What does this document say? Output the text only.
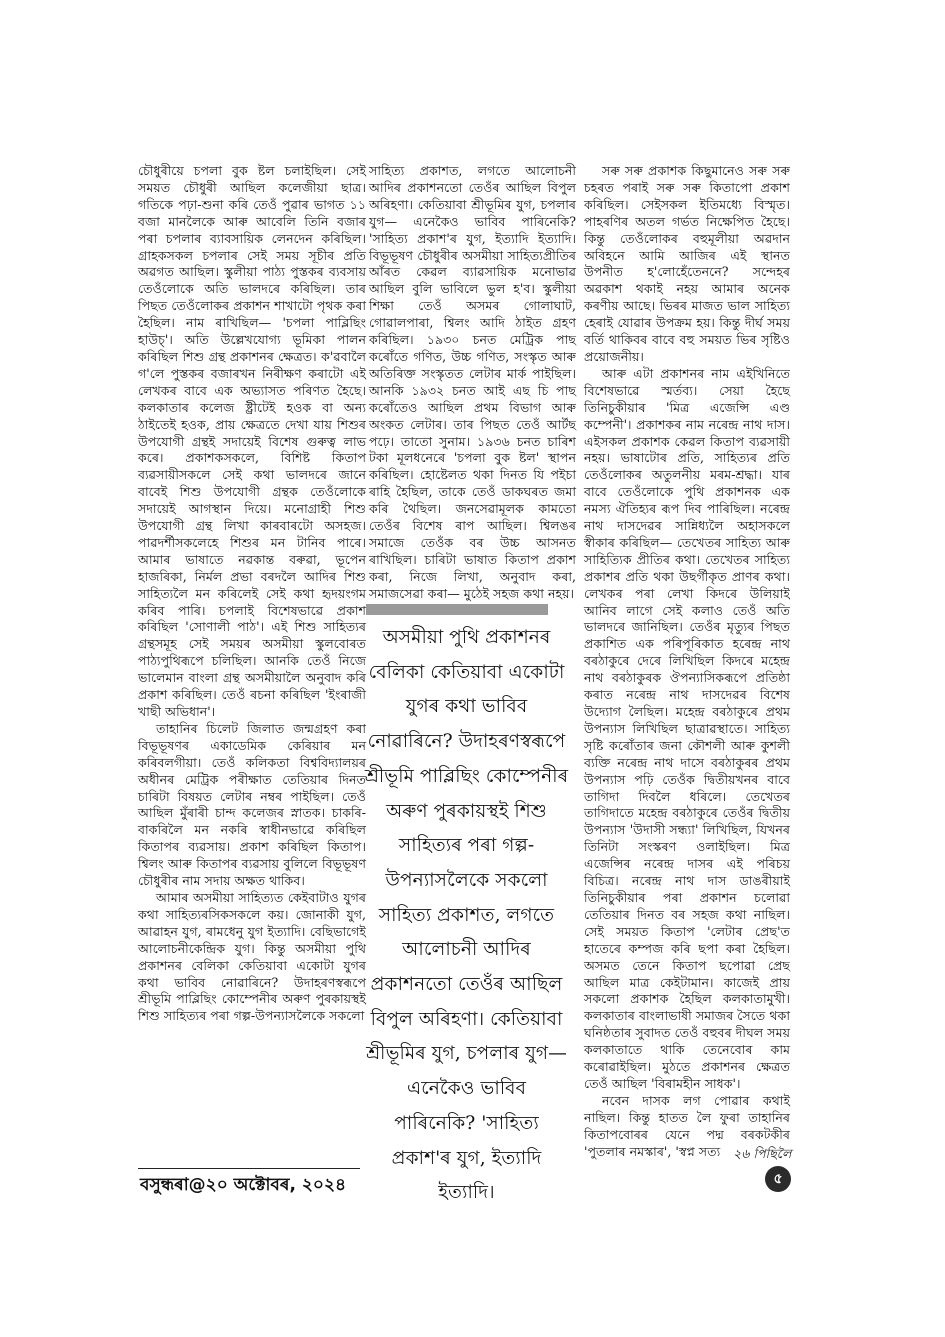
চৌধুৰীয়ে চপলা বুক ষ্টল চলাইছিল। সেই সময়ত চৌধুৰী আছিল কলেজীয়া ছাত্ৰ। গতিকে পঢ়া-শুনা কৰি তেওঁ পুৱাৰ ভাগত ১১ বজা মানলৈকে আৰু আবেলি তিনি বজাৰ পৰা চপলাৰ ব্যাবসায়িক লেনদেন কৰিছিল। গ্ৰাহকসকল চপলাৰ সেই সময় সূচীৰ প্ৰতি অৱগত আছিল। স্কুলীয়া পাঠ্য পুস্তকৰ ব্যবসায় তেওঁলোকে অতি ভালদৰে কৰিছিল। তাৰ পিছত তেওঁলোকৰ প্ৰকাশন শাখাটো পৃথক কৰা হৈছিল। নাম ৰাখিছিল— 'চপলা পাব্লিছিং হাউচ্'। অতি উল্লেখযোগ্য ভূমিকা পালন কৰিছিল শিশু গ্ৰন্থ প্ৰকাশনৰ ক্ষেত্ৰত। ক'ৱবালৈ গ'লে পুস্তকৰ বজাৰখন নিৰীক্ষণ কৰাটো এই লেখকৰ বাবে এক অভ্যাসত পৰিণত হৈছে। কলকাতাৰ কলেজ ষ্ট্ৰীটেই হওক বা অন্য ঠাইতেই হওক, প্ৰায় ক্ষেত্ৰতে দেখা যায় শিশুৰ উপযোগী গ্ৰন্থই সদায়েই বিশেষ গুৰুত্ব লাভ কৰে। প্ৰকাশকসকলে, বিশিষ্ট কিতাপ ব্যৱসায়ীসকলে সেই কথা ভালদৰে জানে বাবেই শিশু উপযোগী গ্ৰন্থক তেওঁলোকে সদায়েই আগস্থান দিয়ে। মনোগ্ৰাহী শিশু উপযোগী গ্ৰন্থ লিখা কাৰবাৰটো অসহজ। পাৱদৰ্শীসকলেহে শিশুৰ মন টানিব পাৰে। আমাৰ ভাষাতে নৱকান্ত বৰুৱা, ভূপেন হাজৰিকা, নিৰ্মল প্ৰভা বৰদলৈ আদিৰ শিশু সাহিত্যলৈ মন কৰিলেই সেই কথা হৃদয়ংগম কৰিব পাৰি। চপলাই বিশেষভাৱে প্ৰকাশ কৰিছিল 'সোণালী পাঠ'। এই শিশু সাহিত্যৰ গ্ৰন্থসমূহ সেই সময়ৰ অসমীয়া স্কুলবোৰত পাঠ্যপুথিৰূপে চলিছিল। আনকি তেওঁ নিজে ভালেমান বাংলা গ্ৰন্থ অসমীয়ালৈ অনুবাদ কৰি প্ৰকাশ কৰিছিল। তেওঁ ৰচনা কৰিছিল 'ইংৰাজী খাছী অভিধান'।

তাহানিৰ চিলেট জিলাত জন্মগ্ৰহণ কৰা বিভূভূষণৰ একাডেমিক কেৰিয়াৰ মন কৰিবলগীয়া। তেওঁ কলিকতা বিশ্ববিদ্যালয়ৰ অধীনৰ মেট্ৰিক পৰীক্ষাত তেতিয়াৰ দিনত চাৰিটা বিষয়ত লেটাৰ নম্বৰ পাইছিল। তেওঁ আছিল মুঁৰাৰী চান্দ কলেজৰ স্নাতক। চাকৰি-বাকৰিলৈ মন নকৰি স্বাধীনভাৱে কৰিছিল কিতাপৰ ব্যৱসায়। প্ৰকাশ কৰিছিল কিতাপ। শ্বিলং আৰু কিতাপৰ ব্যৱসায় বুলিলে বিভূভূষণ চৌধুৰীৰ নাম সদায় অক্ষত থাকিব।

আমাৰ অসমীয়া সাহিত্যত কেইবাটাও যুগৰ কথা সাহিত্যৰসিকসকলে কয়। জোনাকী যুগ, আৱাহন যুগ, ৰামধেনু যুগ ইত্যাদি। বেছিভাগেই আলোচনীকেন্দ্ৰিক যুগ। কিন্তু অসমীয়া পুথি প্ৰকাশনৰ বেলিকা কেতিয়াবা একোটা যুগৰ কথা ভাবিব নোৱাৰিনে? উদাহৰণস্বৰূপে শ্ৰীভূমি পাব্লিছিং কোম্পেনীৰ অৰুণ পুৰকায়স্থই শিশু সাহিত্যৰ পৰা গল্প-উপন্যাসলৈকে সকলো

সাহিত্য প্ৰকাশত, লগতে আলোচনী আদিৰ প্ৰকাশনতো তেওঁৰ আছিল বিপুল অৰিহণা। কেতিয়াবা শ্ৰীভূমিৰ যুগ, চপলাৰ যুগ— এনেকৈও ভাবিব পাৰিনেকি? 'সাহিত্য প্ৰকাশ'ৰ যুগ, ইত্যাদি ইত্যাদি। বিভূভূষণ চৌধুৰীৰ অসমীয়া সাহিত্যপ্ৰীতিৰ আঁৰত কেৱল ব্যাৱসায়িক মনোভাৱ আছিল বুলি ভাবিলে ভুল হ'ব। স্কুলীয়া শিক্ষা তেওঁ অসমৰ গোলাঘাট, গোৱালপাৰা, শ্বিলং আদি ঠাইত গ্ৰহণ কৰিছিল। ১৯৩০ চনত মেট্ৰিক পাছ কৰোঁতে গণিত, উচ্চ গণিত, সংস্কৃত আৰু অতিৰিক্ত সংস্কৃতত লেটাৰ মাৰ্ক পাইছিল। আনকি ১৯৩২ চনত আই এছ চি পাছ কৰোঁতেও আছিল প্ৰথম বিভাগ আৰু অংকত লেটাৰ। তাৰ পিছত তেওঁ আৰ্টছ পঢ়ে। তাতো সুনাম। ১৯৩৬ চনত চাৰিশ টকা মূলধনেৰে 'চপলা বুক ষ্টল' স্থাপন কৰিছিল। হোষ্টেলত থকা দিনত যি পইচা ৰাহি হৈছিল, তাকে তেওঁ ডাকঘৰত জমা কৰি থৈছিল। জনসেৱামূলক কামতো তেওঁৰ বিশেষ ৰাপ আছিল। শ্বিলঙৰ সমাজে তেওঁক বৰ উচ্চ আসনত ৰাখিছিল। চাৰিটা ভাষাত কিতাপ প্ৰকাশ কৰা, নিজে লিখা, অনুবাদ কৰা, সমাজসেৱা কৰা— মুঠেই সহজ কথা নহয়।

অসমীয়া পুথি প্ৰকাশনৰ বেলিকা কেতিয়াবা একোটা যুগৰ কথা ভাবিব নোৱাৰিনে? উদাহৰণস্বৰূপে শ্ৰীভূমি পাব্লিছিং কোম্পেনীৰ অৰুণ পুৰকায়স্থই শিশু সাহিত্যৰ পৰা গল্প-উপন্যাসলৈকে সকলো সাহিত্য প্ৰকাশত, লগতে আলোচনী আদিৰ প্ৰকাশনতো তেওঁৰ আছিল বিপুল অৰিহণা। কেতিয়াবা শ্ৰীভূমিৰ যুগ, চপলাৰ যুগ— এনেকৈও ভাবিব পাৰিনেকি? 'সাহিত্য প্ৰকাশ'ৰ যুগ, ইত্যাদি ইত্যাদি।

সৰু সৰু প্ৰকাশক কিছুমানেও সৰু সৰু চহৰত পৰাই সৰু সৰু কিতাপো প্ৰকাশ কৰিছিল। সেইসকল ইতিমধ্যে বিস্মৃত। পাহৰণিৰ অতল গৰ্ভত নিক্ষেপিত হৈছে। কিন্তু তেওঁলোকৰ বহুমূলীয়া অৱদান অবিহনে আমি আজিৰ এই স্থানত উপনীত হ'লোহেঁতেননে? সন্দেহৰ অৱকাশ থকাই নহয় আমাৰ অনেক কৰণীয় আছে। ভিৰৰ মাজত ভাল সাহিত্য হেৰাই যোৱাৰ উপক্ৰম হয়। কিন্তু দীৰ্ঘ সময় বৰ্তি থাকিবৰ বাবে বহু সময়ত ভিৰ সৃষ্টিও প্ৰয়োজনীয়।

আৰু এটা প্ৰকাশনৰ নাম এইখিনিতে বিশেষভাৱে স্মৰ্তব্য। সেয়া হৈছে তিনিচুকীয়াৰ 'মিত্ৰ এজেন্সি এণ্ড কম্পেনী'। প্ৰকাশকৰ নাম নৰেন্দ্ৰ নাথ দাস। এইসকল প্ৰকাশক কেৱল কিতাপ ব্যৱসায়ী নহয়। ভাষাটোৰ প্ৰতি, সাহিত্যৰ প্ৰতি তেওঁলোকৰ অতুলনীয় মৰম-শ্ৰদ্ধা। যাৰ বাবে তেওঁলোকে পুথি প্ৰকাশনক এক নমস্য ঐতিহ্যৰ ৰূপ দিব পাৰিছিল। নৰেন্দ্ৰ নাথ দাসদেৱৰ সান্নিধ্যলৈ অহাসকলে স্বীকাৰ কৰিছিল— তেখেতৰ সাহিত্য আৰু সাহিত্যিক প্ৰীতিৰ কথা। তেখেতৰ সাহিত্য প্ৰকাশৰ প্ৰতি থকা উছৰ্গীকৃত প্ৰাণৰ কথা। লেখকৰ পৰা লেখা কিদৰে উলিয়াই আনিব লাগে সেই কলাও তেওঁ অতি ভালদৰে জানিছিল। তেওঁৰ মৃত্যুৰ পিছত প্ৰকাশিত এক পৰিপূৰিকাত হৰেন্দ্ৰ নাথ বৰঠাকুৰে দেৰে লিখিছিল কিদৰে মহেন্দ্ৰ নাথ বৰঠাকুৰক ঔপন্যাসিকৰূপে প্ৰতিষ্ঠা কৰাত নৰেন্দ্ৰ নাথ দাসদেৱৰ বিশেষ উদ্যোগ লৈছিল। মহেন্দ্ৰ বৰঠাকুৰে প্ৰথম উপন্যাস লিখিছিল ছাত্ৰাৱস্থাতে। সাহিত্য সৃষ্টি কৰোঁতাৰ জনা কৌশলী আৰু কুশলী ব্যক্তি নৰেন্দ্ৰ নাথ দাসে বৰঠাকুৰৰ প্ৰথম উপন্যাস পঢ়ি তেওঁক দ্বিতীয়খনৰ বাবে তাগিদা দিবলৈ ধৰিলে। তেখেতৰ তাগিদাতে মহেন্দ্ৰ বৰঠাকুৰে তেওঁৰ দ্বিতীয় উপন্যাস 'উদাসী সন্ধ্যা' লিখিছিল, যিখনৰ তিনিটা সংস্কৰণ ওলাইছিল। মিত্ৰ এজেন্সিৰ নৰেন্দ্ৰ দাসৰ এই পৰিচয় বিচিত্ৰ। নৰেন্দ্ৰ নাথ দাস ডাঙৰীয়াই তিনিচুকীয়াৰ পৰা প্ৰকাশন চলোৱা তেতিয়াৰ দিনত বৰ সহজ কথা নাছিল। সেই সময়ত কিতাপ 'লেটাৰ প্ৰেছ'ত হাতেৰে কম্পজ কৰি ছপা কৰা হৈছিল। অসমত তেনে কিতাপ ছপোৱা প্ৰেছ আছিল মাত্ৰ কেইটামান। কাজেই প্ৰায় সকলো প্ৰকাশক হৈছিল কলকাতামুখী। কলকাতাৰ বাংলাভাষী সমাজৰ সৈতে থকা ঘনিষ্ঠতাৰ সুবাদত তেওঁ বহুবৰ দীঘল সময় কলকাতাতে থাকি তেনেবোৰ কাম কৰোৱাইছিল। মুঠতে প্ৰকাশনৰ ক্ষেত্ৰত তেওঁ আছিল 'বিৰামহীন সাধক'।

নবেন দাসক লগ পোৱাৰ কথাই নাছিল। কিন্তু হাতত লৈ ফুৰা তাহানিৰ কিতাপবোৰৰ যেনে পদ্ম বৰকটকীৰ 'পুতলাৰ নমস্কাৰ', 'স্বপ্ন সত্য	২৬ পিছিলৈ
বসুন্ধৰা@২০ অক্টোবৰ, ২০২৪	৫
